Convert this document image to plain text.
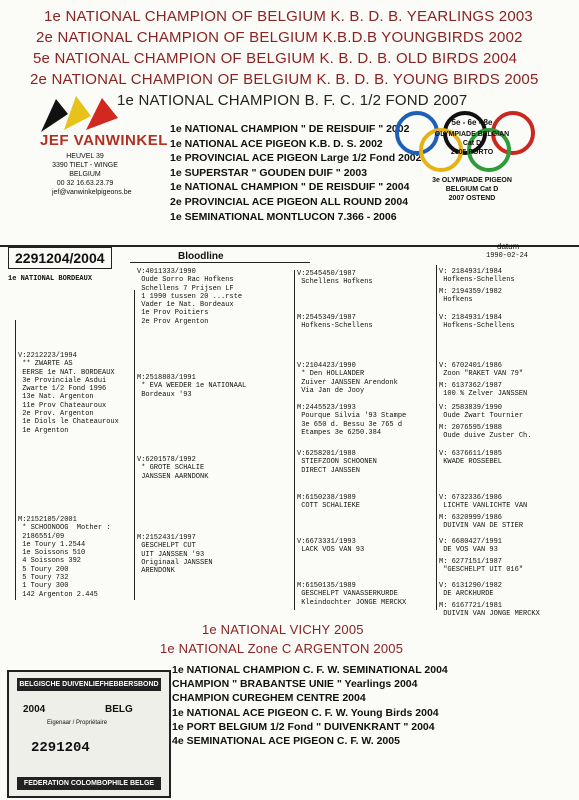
1e NATIONAL CHAMPION OF BELGIUM K. B. D. B. YEARLINGS 2003
2e NATIONAL CHAMPION OF BELGIUM K.B.D.B YOUNGBIRDS 2002
5e NATIONAL CHAMPION OF BELGIUM K. B. D. B. OLD BIRDS 2004
2e NATIONAL CHAMPION OF BELGIUM K. B. D. B. YOUNG BIRDS 2005
1e NATIONAL CHAMPION B. F. C. 1/2 FOND 2007
JEF VANWINKEL
HEUVEL 39
3390 TIELT - WINGE
BELGIUM
00 32 16.63.23.79
jef@vanwinkelpigeons.be
1e NATIONAL CHAMPION " DE REISDUIF " 2002
1e NATIONAL ACE PIGEON K.B. D. S. 2002
1e PROVINCIAL ACE PIGEON Large 1/2 Fond 2002
1e SUPERSTAR " GOUDEN DUIF " 2003
1e NATIONAL CHAMPION " DE REISDUIF " 2004
2e PROVINCIAL ACE PIGEON ALL ROUND 2004
1e SEMINATIONAL MONTLUCON 7.366 - 2006
5e - 6e - 8e
OLYMPIADE BELGIAN
Cat D
2005 PORTO
3e OLYMPIADE PIGEON
BELGIUM Cat D
2007 OSTEND
2291204/2004	Bloodline
datum
1990-02-24
1e NATIONAL BORDEAUX
V:2212223/1994
** ZWARTE AS
EERSE 1e NAT. BORDEAUX
3e Provinciale Asdui
Zwarte 1/2 Fond 1996
13e Nat. Argenton
11e Prov Chateauroux
2e Prov. Argenton
1e Diols le Chateauroux
1e Argenton
M:2152105/2001
* SCHOONOOG  Mother :
2186551/09
1e Toury 1.2544
1e Soissons 510
4 Soissons 392
5 Toury 200
5 Toury 732
1 Toury 300
142 Argenton 2.445
V:4011333/1990
Oude Sorro Rac Hofkens
Schellens 7 Prijsen LF
1 1990 tussen 20 ...rste
Vader 1e Nat. Bordeaux
1e Prov Poitiers
2e Prov Argenton
M:2518803/1991
* EVA WEEDER 1e NATIONAAL
Bordeaux '93
V:6201578/1992
* GROTE SCHALIE
JANSSEN AARNDONK
M:2152431/1997
GESCHELPT CUT
UIT JANSSEN '93
Originaal JANSSEN
ARENDONK
V:2545450/1987
Schellens Hofkens
M:2545349/1987
Hofkens-Schellens
V:2104423/1990
* Den HOLLANDER
Zuiver JANSSEN Arendonk
Via Jan de Jooy
M:2445523/1993
Pourque Silvia '93 Stampe
3e 650 d. Bessu 3e 765 d
Etampes 3e 6250.384
V:6258201/1988
STIEFZOON SCHOONEN
DIRECT JANSSEN
M:6150238/1989
COTT SCHALIEKE
V:6673331/1993
LACK VOS VAN 93
M:6150135/1989
GESCHELPT VANASSERKURDE
Kleindochter JONGE MERCKX
V: 2184931/1984
Hofkens-Schellens
M: 2194359/1982
Hofkens
V: 2184931/1984
Hofkens-Schellens
V: 6702401/1986
Zoon "RAKET VAN 79"
M: 6137362/1987
100 % Zelver JANSSEN
V: 2583839/1990
Oude Zwart Tournier
M: 2076595/1988
Oude duive Zuster Ch.
V: 6376611/1985
KWADE ROSSEBEL
V: 6732336/1986
LICHTE VANLICHTE VAN
M: 6320999/1986
DUIVIN VAN DE STIER
V: 6680427/1991
DE VOS VAN 93
M: 6277151/1987
"GESCHELPT UIT 016"
V: 6131290/1982
DE ARCKHURDE
M: 6167721/1981
DUIVIN VAN JONGE MERCKX
1e NATIONAL VICHY 2005
1e NATIONAL Zone C ARGENTON 2005
1e NATIONAL CHAMPION C. F. W. SEMINATIONAL 2004
CHAMPION " BRABANTSE UNIE " Yearlings 2004
CHAMPION CUREGHEM CENTRE 2004
1e NATIONAL ACE PIGEON C. F. W. Young Birds 2004
1e PORT BELGIUM 1/2 Fond " DUIVENKRANT " 2004
4e SEMINATIONAL ACE PIGEON C. F. W. 2005
BELGISCHE DUIVENLIEFHEBBERSBOND
2004	BELG
Eigenaar / Propriétaire
2291204
FEDERATION COLOMBOPHILE BELGE
